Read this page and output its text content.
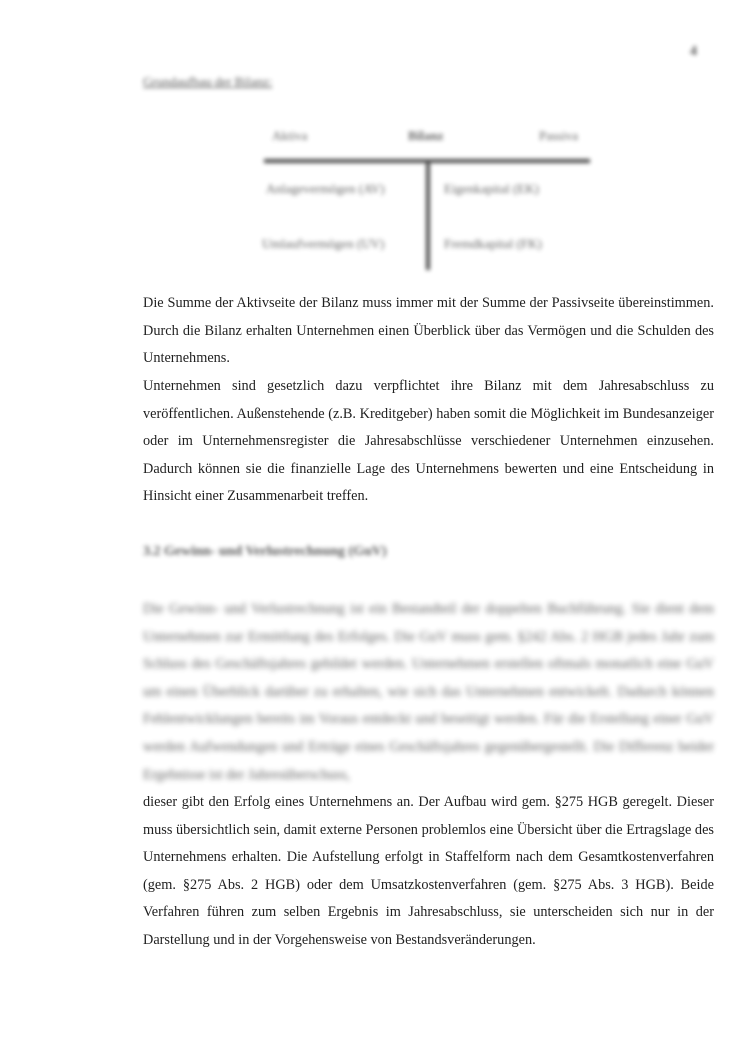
4
Grundaufbau der Bilanz:
Aktiva	Bilanz	Passiva
Anlagevermögen (AV)	Eigenkapital (EK)
Umlaufvermögen (UV)	Fremdkapital (FK)

Die Summe der Aktivseite der Bilanz muss immer mit der Summe der Passivseite übereinstimmen. Durch die Bilanz erhalten Unternehmen einen Überblick über das Vermögen und die Schulden des Unternehmens.

Unternehmen sind gesetzlich dazu verpflichtet ihre Bilanz mit dem Jahresabschluss zu veröffentlichen. Außenstehende (z.B. Kreditgeber) haben somit die Möglichkeit im Bundesanzeiger oder im Unternehmensregister die Jahresabschlüsse verschiedener Unternehmen einzusehen. Dadurch können sie die finanzielle Lage des Unternehmens bewerten und eine Entscheidung in Hinsicht einer Zusammenarbeit treffen.

3.2 Gewinn- und Verlustrechnung (GuV)

Die Gewinn- und Verlustrechnung ist ein Bestandteil der doppelten Buchführung. Sie dient dem Unternehmen zur Ermittlung des Erfolges. Die GuV muss gem. §242 Abs. 2 HGB jedes Jahr zum Schluss des Geschäftsjahres gebildet werden. Unternehmen erstellen oftmals monatlich eine GuV um einen Überblick darüber zu erhalten, wie sich das Unternehmen entwickelt. Dadurch können Fehlentwicklungen bereits im Voraus entdeckt und beseitigt werden. Für die Erstellung einer GuV werden Aufwendungen und Erträge eines Geschäftsjahres gegenübergestellt. Die Differenz beider Ergebnisse ist der Jahresüberschuss,

dieser gibt den Erfolg eines Unternehmens an. Der Aufbau wird gem. §275 HGB geregelt. Dieser muss übersichtlich sein, damit externe Personen problemlos eine Übersicht über die Ertragslage des Unternehmens erhalten. Die Aufstellung erfolgt in Staffelform nach dem Gesamtkostenverfahren (gem. §275 Abs. 2 HGB) oder dem Umsatzkostenverfahren (gem. §275 Abs. 3 HGB). Beide Verfahren führen zum selben Ergebnis im Jahresabschluss, sie unterscheiden sich nur in der Darstellung und in der Vorgehensweise von Bestandsveränderungen.
